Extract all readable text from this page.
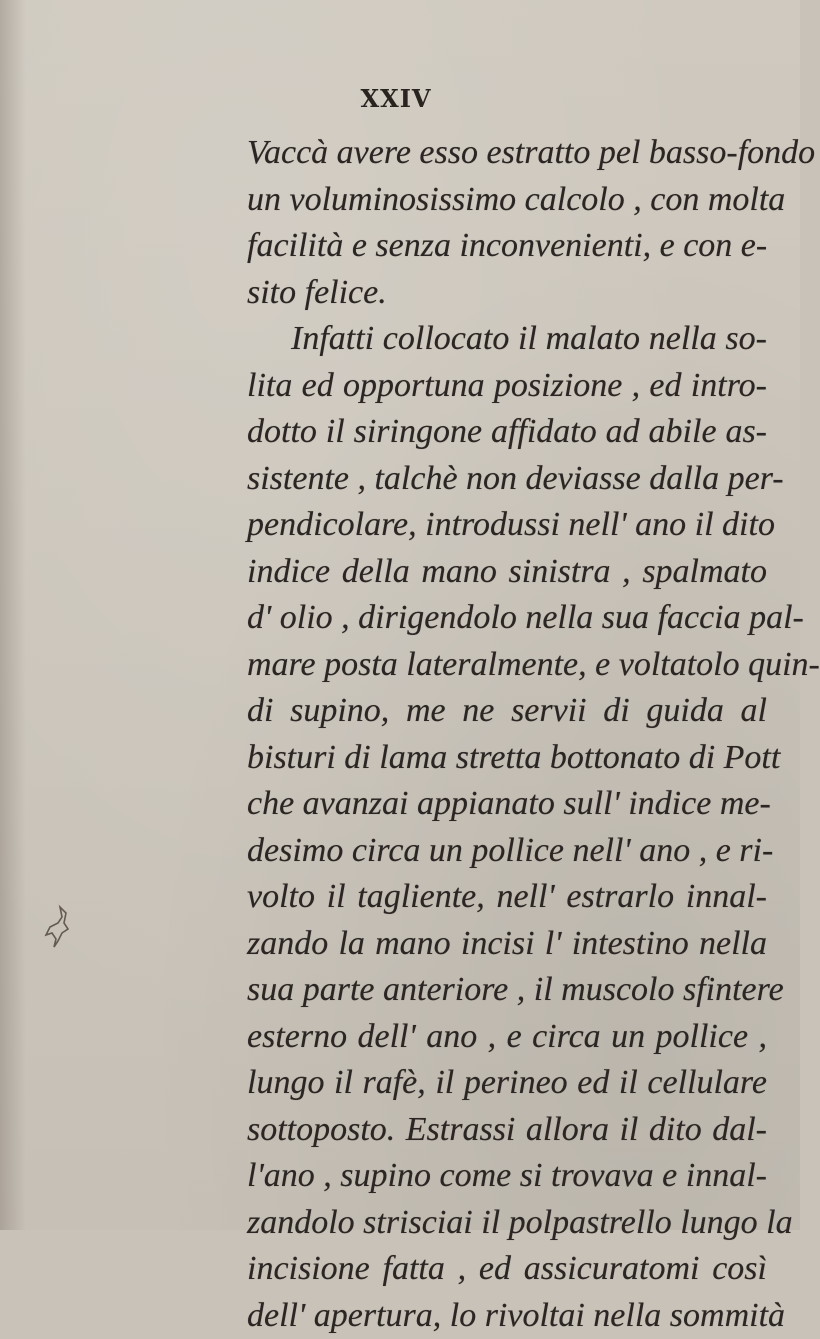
XXIV
Vaccà avere esso estratto pel basso-fondo
un voluminosissimo calcolo , con molta
facilità e senza inconvenienti, e con e-
sito felice.
Infatti collocato il malato nella so-
lita ed opportuna posizione , ed intro-
dotto il siringone affidato ad abile as-
sistente , talchè non deviasse dalla per-
pendicolare, introdussi nell' ano il dito
indice della mano sinistra , spalmato
d' olio , dirigendolo nella sua faccia pal-
mare posta lateralmente, e voltatolo quin-
di supino, me ne servii di guida al
bisturi di lama stretta bottonato di Pott
che avanzai appianato sull' indice me-
desimo circa un pollice nell' ano , e ri-
volto il tagliente, nell' estrarlo innal-
zando la mano incisi l' intestino nella
sua parte anteriore , il muscolo sfintere
esterno dell' ano , e circa un pollice ,
lungo il rafè, il perineo ed il cellulare
sottoposto. Estrassi allora il dito dal-
l'ano , supino come si trovava e innal-
zandolo strisciai il polpastrello lungo la
incisione fatta , ed assicuratomi così
dell' apertura, lo rivoltai nella sommità
